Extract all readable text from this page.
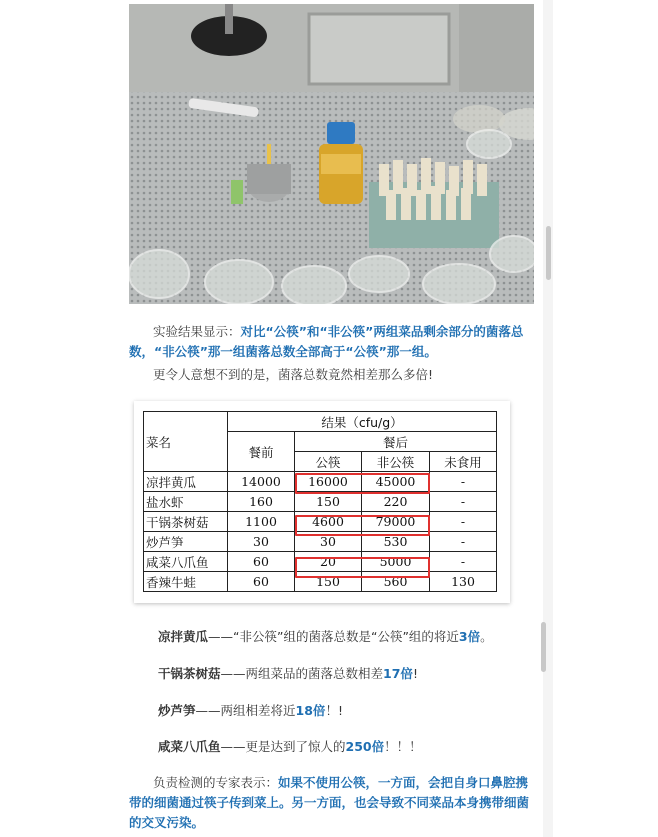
实验结果显示：对比“公筷”和“非公筷”两组菜品剩余部分的菌落总数，“非公筷”那一组菌落总数全部高于“公筷”那一组。
更令人意想不到的是，菌落总数竟然相差那么多倍!
菜名	结果（cfu/g）			
	餐前	餐后		
		公筷	非公筷	未食用
凉拌黄瓜	14000	16000	45000	-
盐水虾	160	150	220	-
干锅茶树菇	1100	4600	79000	-
炒芦笋	30	30	530	-
咸菜八爪鱼	60	20	5000	-
香辣牛蛙	60	150	560	130
凉拌黄瓜——“非公筷”组的菌落总数是“公筷”组的将近3倍。
干锅茶树菇——两组菜品的菌落总数相差17倍!
炒芦笋——两组相差将近18倍！!
咸菜八爪鱼——更是达到了惊人的250倍！！！
负责检测的专家表示：如果不使用公筷，一方面，会把自身口鼻腔携带的细菌通过筷子传到菜上。另一方面，也会导致不同菜品本身携带细菌的交叉污染。
